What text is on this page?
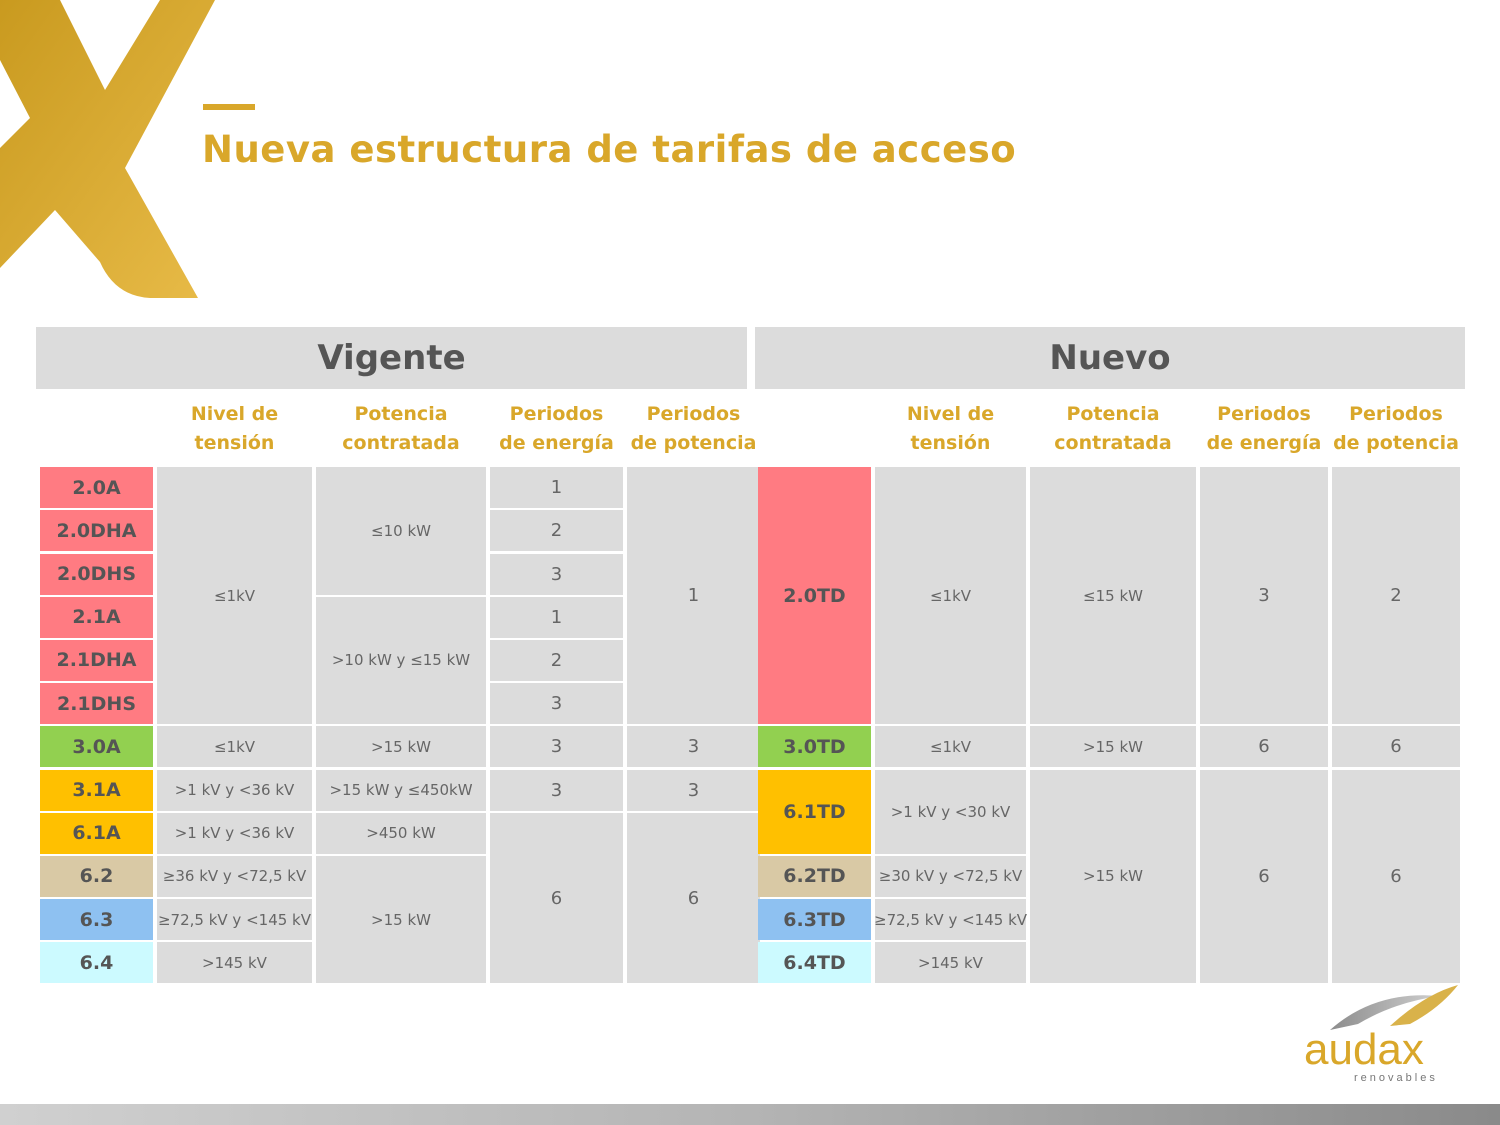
Nueva estructura de tarifas de acceso
Vigente
Nivel de
tensión
Potencia
contratada
Periodos
de energía
Periodos
de potencia
2.0A
2.0DHA
2.0DHS
2.1A
2.1DHA
2.1DHS
3.0A
3.1A
6.1A
6.2
6.3
6.4
≤1kV
≤1kV
>1 kV y <36 kV
>1 kV y <36 kV
≥36 kV y <72,5 kV
≥72,5 kV y <145 kV
>145 kV
≤10 kW
>10 kW y ≤15 kW
>15 kW
>15 kW y ≤450kW
>450 kW
>15 kW
1
2
3
1
2
3
3
3
6
1
3
3
6
Nuevo
Nivel de
tensión
Potencia
contratada
Periodos
de energía
Periodos
de potencia
2.0TD
3.0TD
6.1TD
6.2TD
6.3TD
6.4TD
≤1kV
≤1kV
>1 kV y <30 kV
≥30 kV y <72,5 kV
≥72,5 kV y <145 kV
>145 kV
≤15 kW
>15 kW
>15 kW
3
6
6
2
6
6
audax
renovables
